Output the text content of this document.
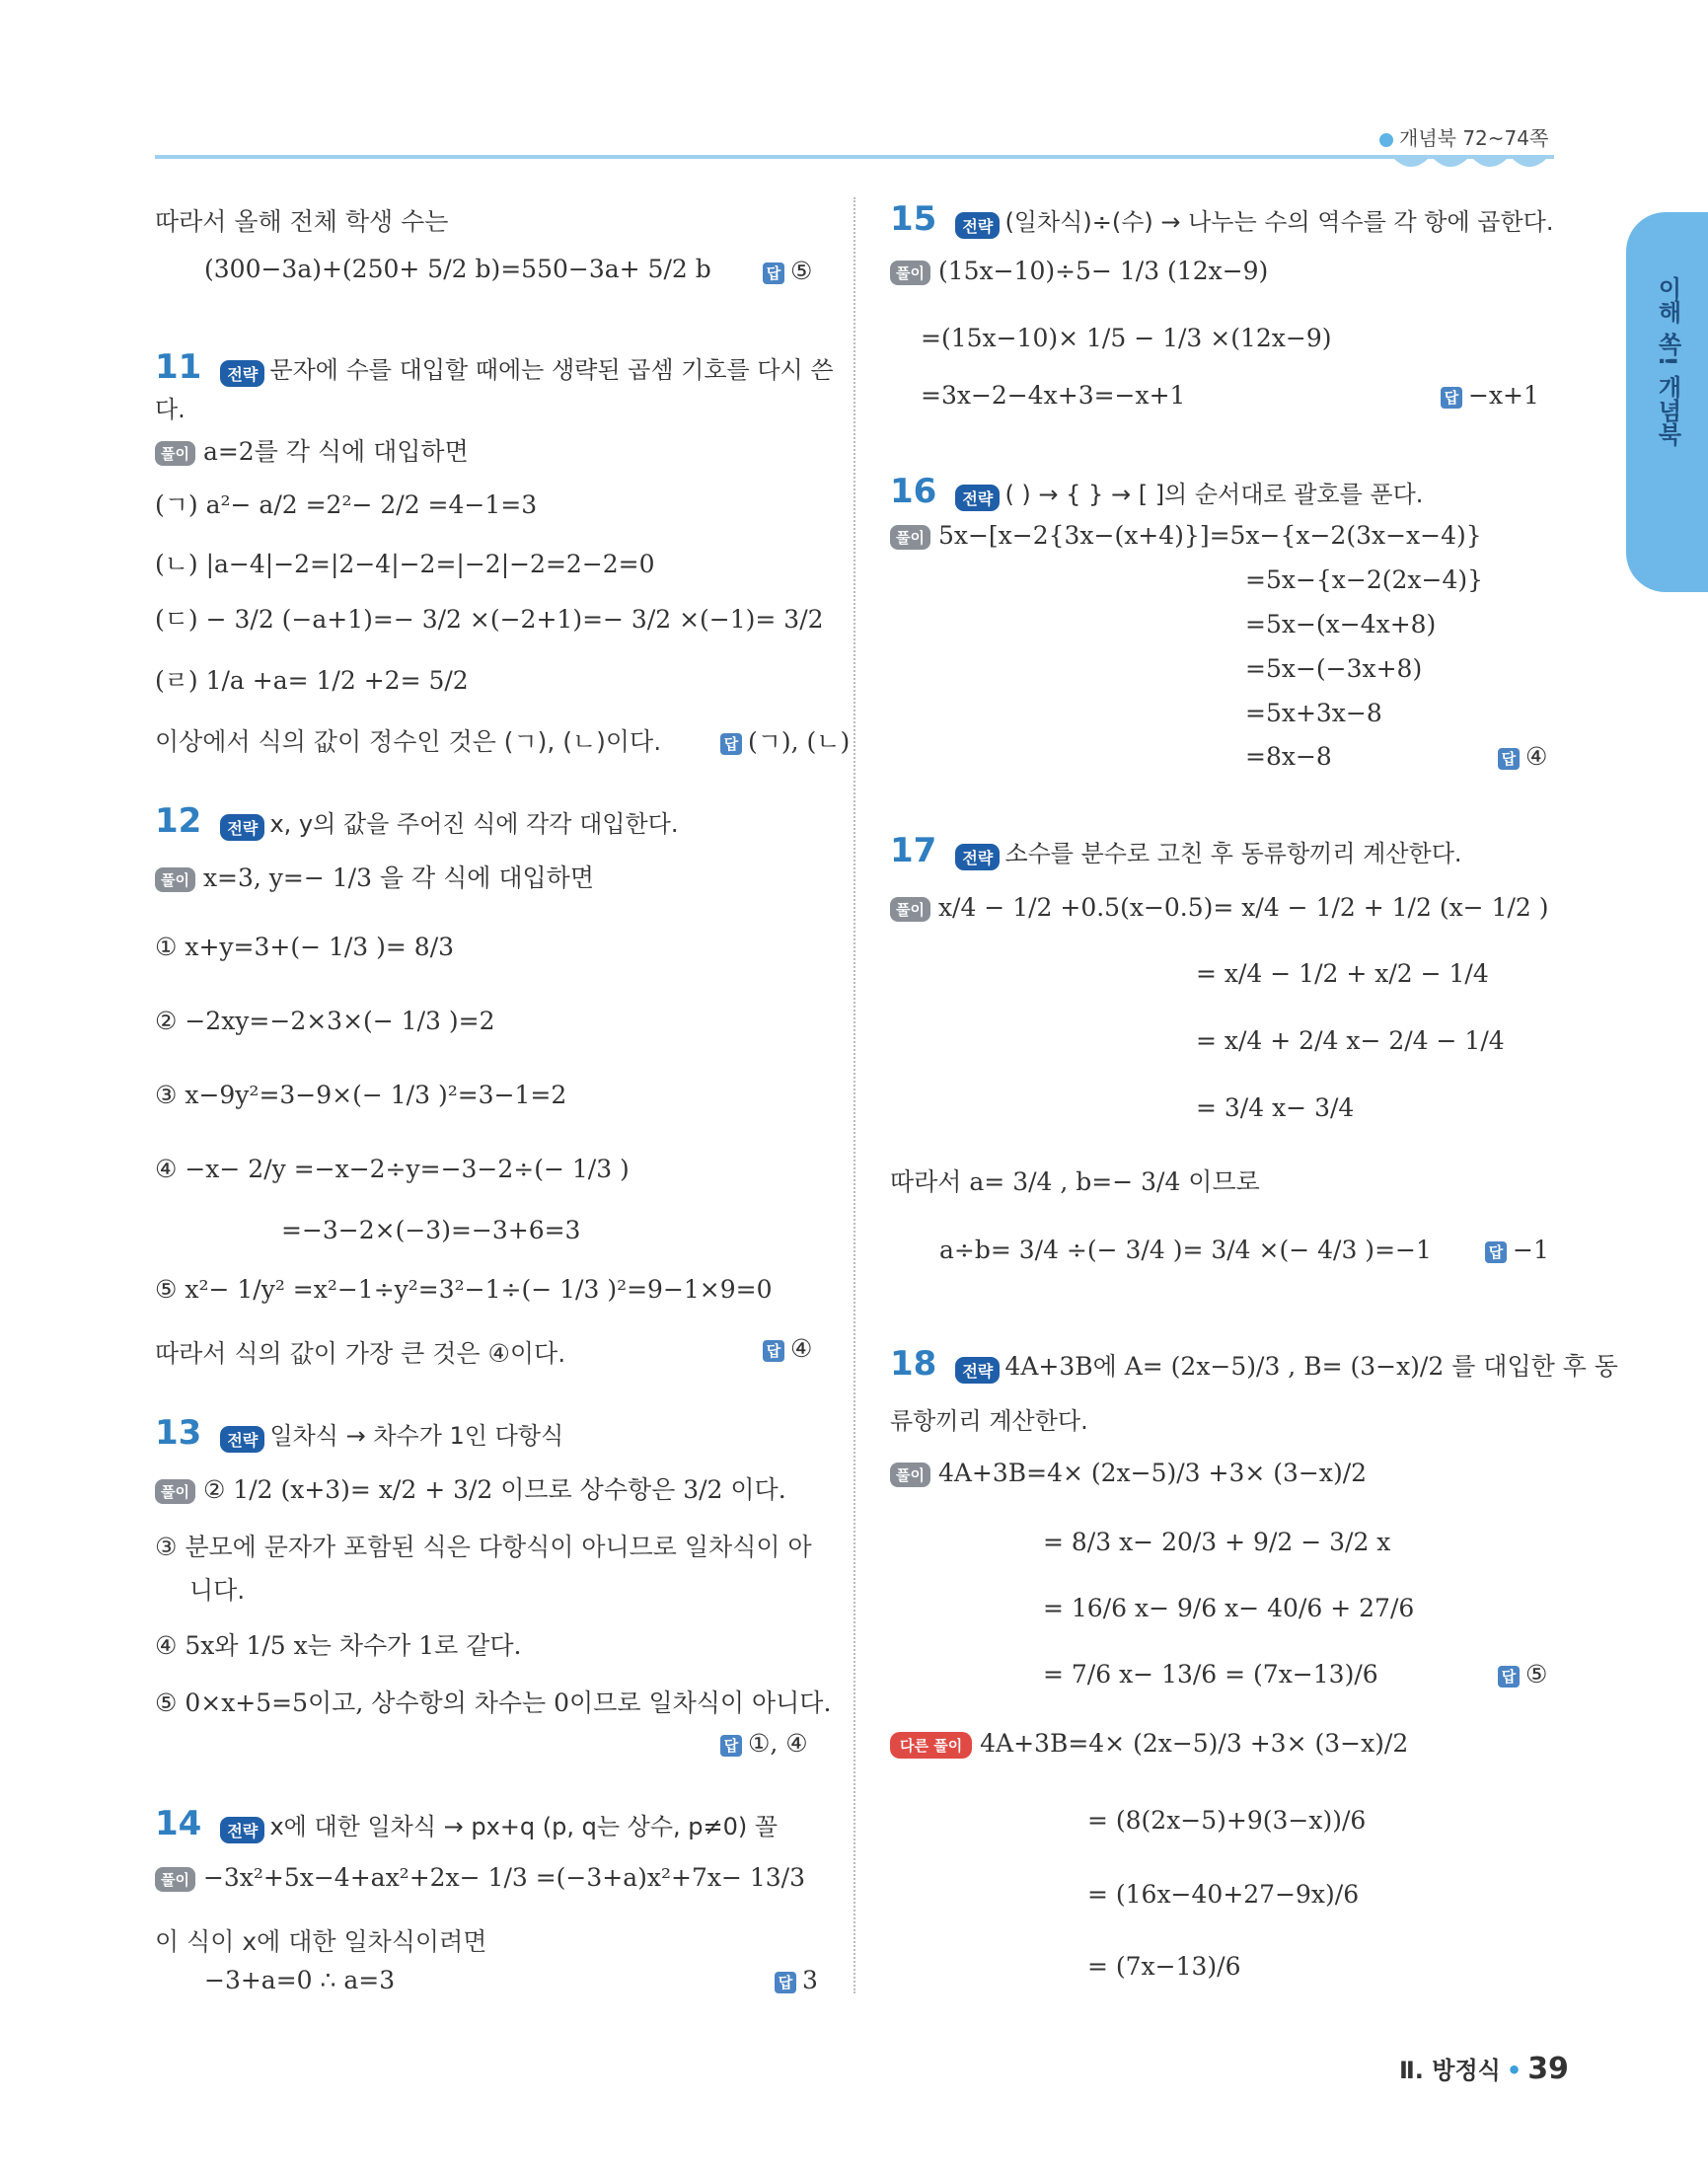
개념북 72~74쪽
이해 쏙! 개념북
따라서 올해 전체 학생 수는
(300−3a)+(250+ 5/2 b)=550−3a+ 5/2 b	답 ⑤
11 전략 문자에 수를 대입할 때에는 생략된 곱셈 기호를 다시 쓴
다.
풀이 a=2를 각 식에 대입하면
(ㄱ) a²− a/2 =2²− 2/2 =4−1=3
(ㄴ) |a−4|−2=|2−4|−2=|−2|−2=2−2=0
(ㄷ) − 3/2 (−a+1)=− 3/2 ×(−2+1)=− 3/2 ×(−1)= 3/2
(ㄹ) 1/a +a= 1/2 +2= 5/2
이상에서 식의 값이 정수인 것은 (ㄱ), (ㄴ)이다.	답 (ㄱ), (ㄴ)
12 전략 x, y의 값을 주어진 식에 각각 대입한다.
풀이 x=3, y=− 1/3 을 각 식에 대입하면
① x+y=3+(− 1/3 )= 8/3
② −2xy=−2×3×(− 1/3 )=2
③ x−9y²=3−9×(− 1/3 )²=3−1=2
④ −x− 2/y =−x−2÷y=−3−2÷(− 1/3 )
=−3−2×(−3)=−3+6=3
⑤ x²− 1/y² =x²−1÷y²=3²−1÷(− 1/3 )²=9−1×9=0
따라서 식의 값이 가장 큰 것은 ④이다.	답 ④
13 전략 일차식 → 차수가 1인 다항식
풀이 ② 1/2 (x+3)= x/2 + 3/2 이므로 상수항은 3/2 이다.
③ 분모에 문자가 포함된 식은 다항식이 아니므로 일차식이 아
니다.
④ 5x와 1/5 x는 차수가 1로 같다.
⑤ 0×x+5=5이고, 상수항의 차수는 0이므로 일차식이 아니다.
답 ①, ④
14 전략 x에 대한 일차식 → px+q (p, q는 상수, p≠0) 꼴
풀이 −3x²+5x−4+ax²+2x− 1/3 =(−3+a)x²+7x− 13/3
이 식이 x에 대한 일차식이려면
−3+a=0 ∴ a=3	답 3
15 전략 (일차식)÷(수) → 나누는 수의 역수를 각 항에 곱한다.
풀이 (15x−10)÷5− 1/3 (12x−9)
=(15x−10)× 1/5 − 1/3 ×(12x−9)
=3x−2−4x+3=−x+1	답 −x+1
16 전략 ( ) → { } → [ ]의 순서대로 괄호를 푼다.
풀이 5x−[x−2{3x−(x+4)}]=5x−{x−2(3x−x−4)}
=5x−{x−2(2x−4)}
=5x−(x−4x+8)
=5x−(−3x+8)
=5x+3x−8
=8x−8	답 ④
17 전략 소수를 분수로 고친 후 동류항끼리 계산한다.
풀이 x/4 − 1/2 +0.5(x−0.5)= x/4 − 1/2 + 1/2 (x− 1/2 )
= x/4 − 1/2 + x/2 − 1/4
= x/4 + 2/4 x− 2/4 − 1/4
= 3/4 x− 3/4
따라서 a= 3/4 , b=− 3/4 이므로
a÷b= 3/4 ÷(− 3/4 )= 3/4 ×(− 4/3 )=−1	답 −1
18 전략 4A+3B에 A= (2x−5)/3 , B= (3−x)/2 를 대입한 후 동
류항끼리 계산한다.
풀이 4A+3B=4× (2x−5)/3 +3× (3−x)/2
= 8/3 x− 20/3 + 9/2 − 3/2 x
= 16/6 x− 9/6 x− 40/6 + 27/6
= 7/6 x− 13/6 = (7x−13)/6	답 ⑤
다른 풀이 4A+3B=4× (2x−5)/3 +3× (3−x)/2
= (8(2x−5)+9(3−x))/6
= (16x−40+27−9x)/6
= (7x−13)/6
Ⅱ. 방정식 • 39
